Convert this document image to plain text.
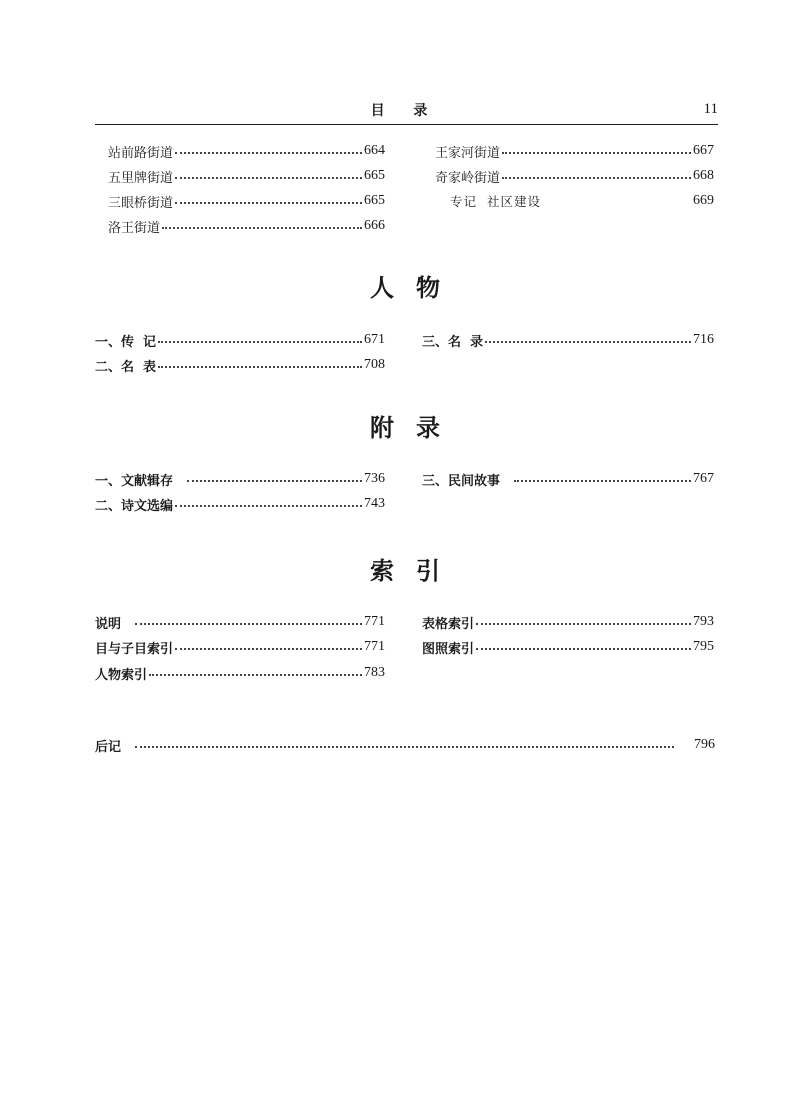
目 录	11
站前路街道	664
五里牌街道	665
三眼桥街道	665
洛王街道	666
王家河街道	667
奇家岭街道	668
专记  社区建设	669
人物
一、传  记	671
二、名  表	708
三、名  录	716
附录
一、文献辑存	736
二、诗文选编	743
三、民间故事	767
索引
说明	771
目与子目索引	771
人物索引	783
表格索引	793
图照索引	795
后记	796
